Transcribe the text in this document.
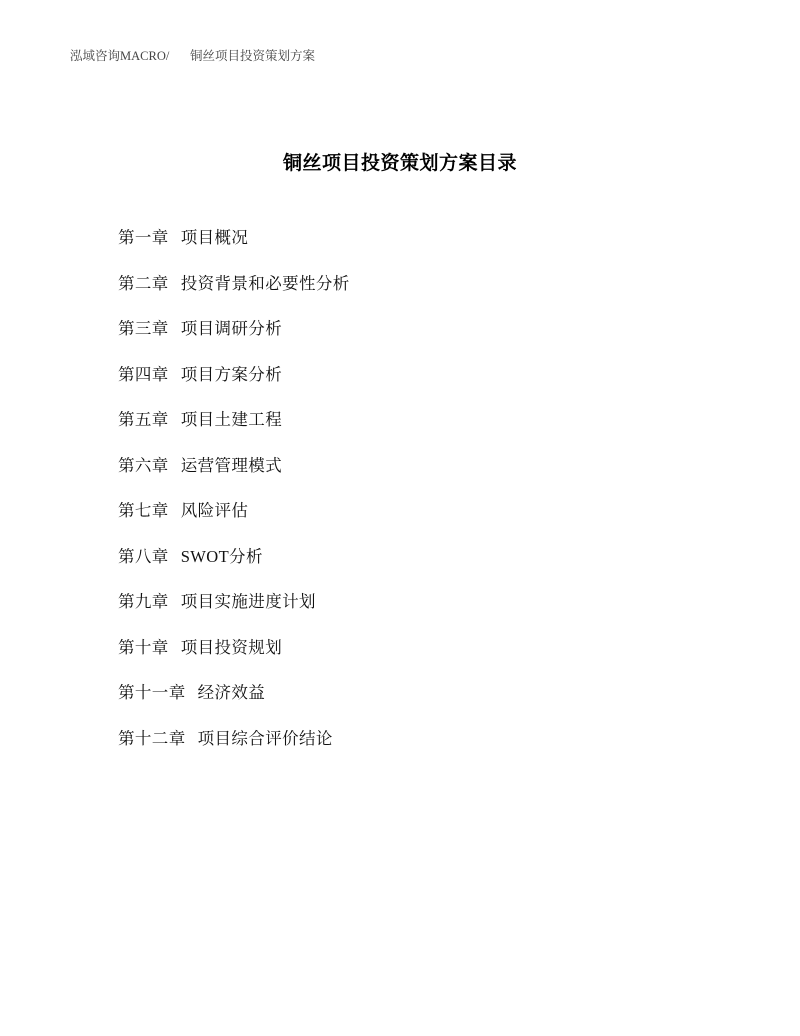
泓域咨询MACRO/ 铜丝项目投资策划方案
铜丝项目投资策划方案目录
第一章 项目概况
第二章 投资背景和必要性分析
第三章 项目调研分析
第四章 项目方案分析
第五章 项目土建工程
第六章 运营管理模式
第七章 风险评估
第八章 SWOT分析
第九章 项目实施进度计划
第十章 项目投资规划
第十一章 经济效益
第十二章 项目综合评价结论
